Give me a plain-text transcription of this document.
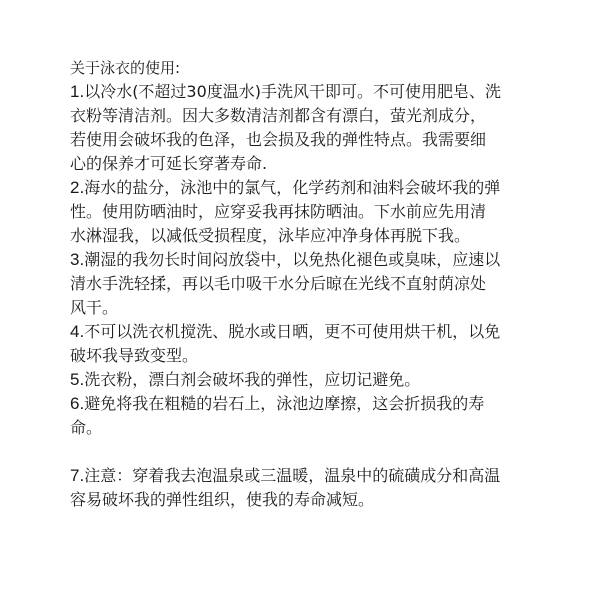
关于泳衣的使用:
1.以冷水(不超过30度温水)手洗风干即可。不可使用肥皂、洗
衣粉等清洁剂。因大多数清洁剂都含有漂白，萤光剂成分，
若使用会破坏我的色泽，也会损及我的弹性特点。我需要细
心的保养才可延长穿著寿命.
2.海水的盐分，泳池中的氯气，化学药剂和油料会破坏我的弹
性。使用防晒油时，应穿妥我再抹防晒油。下水前应先用清
水淋湿我，以减低受损程度，泳毕应冲净身体再脱下我。
3.潮湿的我勿长时间闷放袋中，以免热化褪色或臭味，应速以
清水手洗轻揉，再以毛巾吸干水分后晾在光线不直射荫凉处
风干。
4.不可以洗衣机搅洗、脱水或日晒，更不可使用烘干机，以免
破坏我导致变型。
5.洗衣粉，漂白剂会破坏我的弹性，应切记避免。
6.避免将我在粗糙的岩石上，泳池边摩擦，这会折损我的寿
命。
7.注意：穿着我去泡温泉或三温暖，温泉中的硫磺成分和高温
容易破坏我的弹性组织，使我的寿命减短。
